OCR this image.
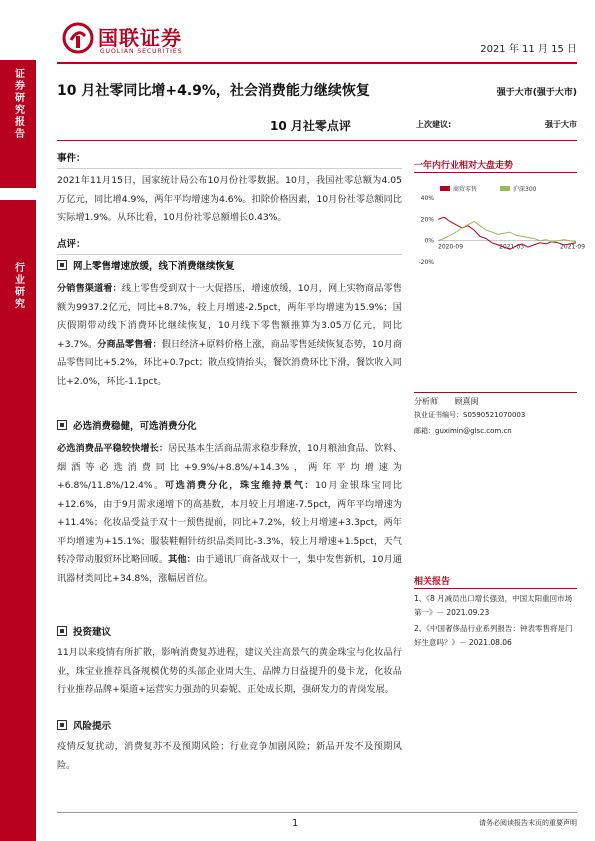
国联证券
GUOLIAN SECURITIES	2021 年 11 月 15 日
证券研究报告
行业研究
10 月社零同比增+4.9%，社会消费能力继续恢复	强于大市(强于大市)
10 月社零点评	上次建议:	强于大市
事件：
2021年11月15日，国家统计局公布10月份社零数据。10月，我国社零总额为4.05万亿元，同比增4.9%，两年平均增速为4.6%。扣除价格因素，10月份社零总额同比实际增1.9%。从环比看，10月份社零总额增长0.43%。
点评：
网上零售增速放缓，线下消费继续恢复
分销售渠道看：线上零售受到双十一大促搭压，增速放缓，10月，网上实物商品零售额为9937.2亿元，同比+8.7%，较上月增速-2.5pct，两年平均增速为15.9%；国庆假期带动线下消费环比继续恢复，10月线下零售额推算为3.05万亿元，同比+3.7%。分商品零售看：假日经济+原料价格上涨，商品零售延续恢复态势，10月商品零售同比+5.2%，环比+0.7pct；散点疫情抬头，餐饮消费环比下滑，餐饮收入同比+2.0%，环比-1.1pct。
必选消费稳健，可选消费分化
必选消费品平稳较快增长：居民基本生活商品需求稳步释放，10月粮油食品、饮料、烟酒等必选消费同比+9.9%/+8.8%/+14.3%，两年平均增速为+6.8%/11.8%/12.4%。可选消费分化，珠宝维持景气：10月金银珠宝同比+12.6%，由于9月需求递增下的高基数，本月较上月增速-7.5pct，两年平均增速为+11.4%；化妆品受益于双十一预售提前，同比+7.2%，较上月增速+3.3pct，两年平均增速为+15.1%；服装鞋帽针纺织品类同比-3.3%，较上月增速+1.5pct，天气转冷带动服贸环比略回暖。其他：由于通讯厂商备战双十一，集中发售新机，10月通讯器材类同比+34.8%，涨幅居首位。
投资建议
11月以来疫情有所扩散，影响消费复苏进程，建议关注高景气的黄金珠宝与化妆品行业，珠宝业推荐具备规模优势的头部企业周大生、品牌力日益提升的曼卡龙，化妆品行业推荐品牌+渠道+运营实力强劲的贝泰妮、正处成长期，强研发力的青岗发展。
风险提示
疫情反复扰动，消费复苏不及预期风险；行业竞争加剧风险；新品开发不及预期风险。
一年内行业相对大盘走势
商贸零售	沪深300
40%
20%
0%
-20%
2020-09	2021-03	2021-09
分析师 顾熹闽
执业证书编号：S0590521070003
邮箱：guximin@glsc.com.cn
相关报告
1、《8 月减员出口增长强劲，中国太阳重回市场第一》－ 2021.09.23
2、《中国奢侈品行业系列报告：钟表零售将是门好生意吗？》－ 2021.08.06
1	请务必阅读报告末页的重要声明
